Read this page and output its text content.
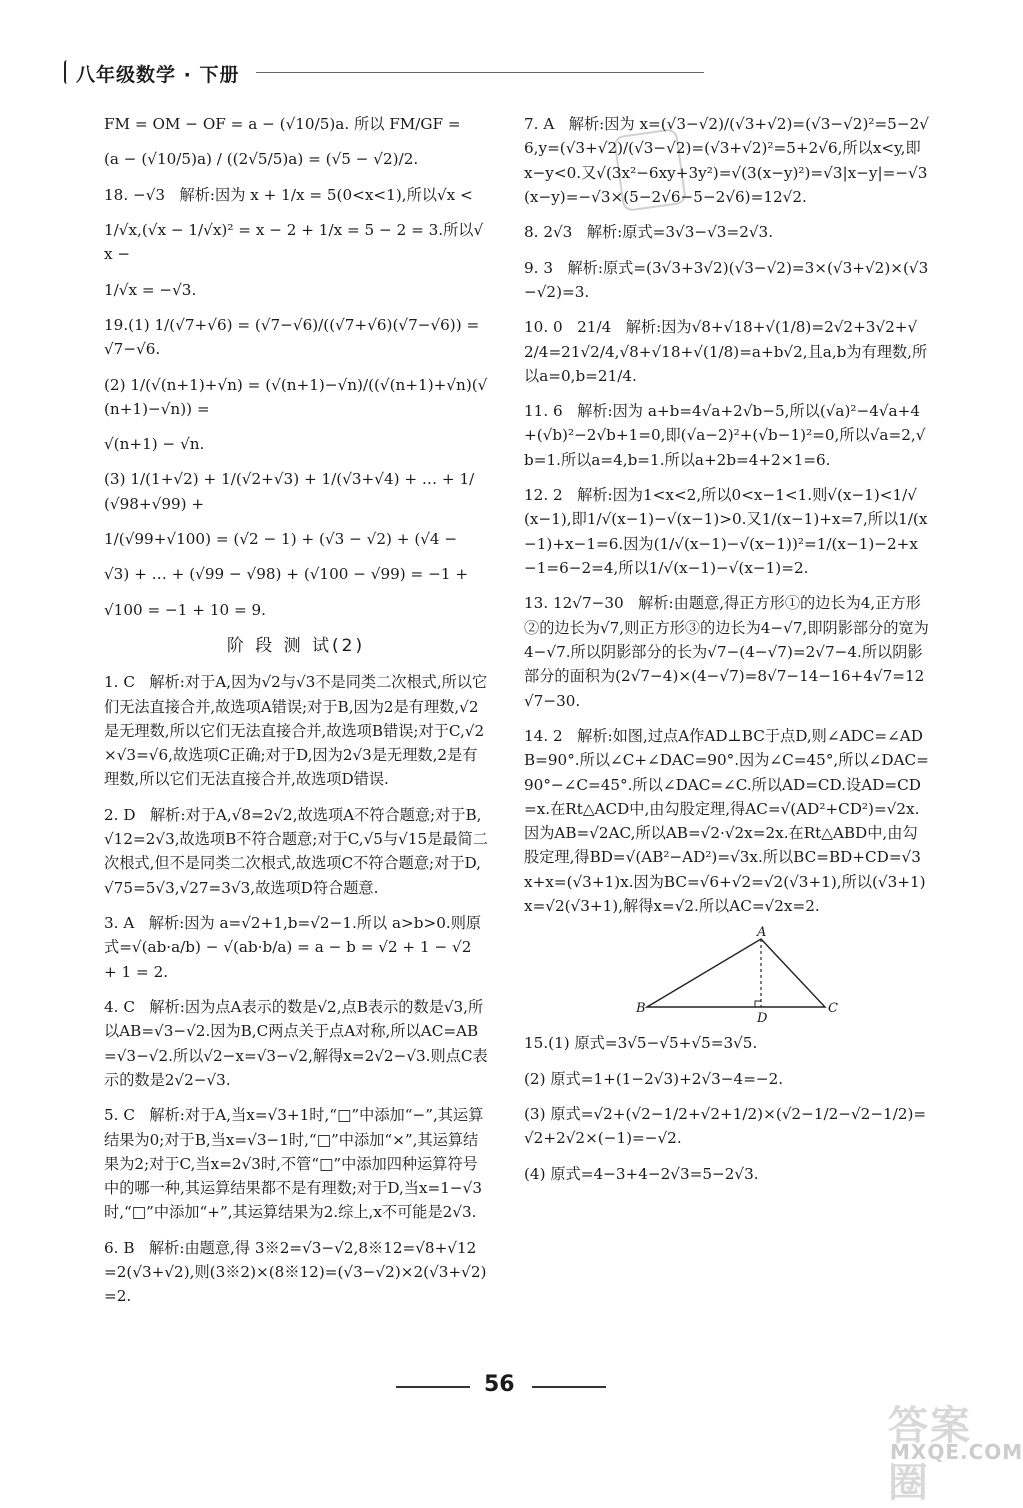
八年级数学 · 下册
FM = OM − OF = a − (√10/5)a. 所以 FM/GF =
(a − (√10/5)a) / ((2√5/5)a) = (√5 − √2)/2.
18. −√3   解析:因为 x + 1/x = 5(0<x<1),所以√x <
1/√x,(√x − 1/√x)² = x − 2 + 1/x = 5 − 2 = 3.所以√x −
1/√x = −√3.
19.(1) 1/(√7+√6) = (√7−√6)/((√7+√6)(√7−√6)) = √7−√6.
(2) 1/(√(n+1)+√n) = (√(n+1)−√n)/((√(n+1)+√n)(√(n+1)−√n)) =
√(n+1) − √n.
(3) 1/(1+√2) + 1/(√2+√3) + 1/(√3+√4) + … + 1/(√98+√99) +
1/(√99+√100) = (√2 − 1) + (√3 − √2) + (√4 −
√3) + … + (√99 − √98) + (√100 − √99) = −1 +
√100 = −1 + 10 = 9.
阶 段 测 试(2)
1. C   解析:对于A,因为√2与√3不是同类二次根式,所以它们无法直接合并,故选项A错误;对于B,因为2是有理数,√2是无理数,所以它们无法直接合并,故选项B错误;对于C,√2×√3=√6,故选项C正确;对于D,因为2√3是无理数,2是有理数,所以它们无法直接合并,故选项D错误.
2. D   解析:对于A,√8=2√2,故选项A不符合题意;对于B,√12=2√3,故选项B不符合题意;对于C,√5与√15是最简二次根式,但不是同类二次根式,故选项C不符合题意;对于D,√75=5√3,√27=3√3,故选项D符合题意.
3. A   解析:因为 a=√2+1,b=√2−1.所以 a>b>0.则原式=√(ab·a/b) − √(ab·b/a) = a − b = √2 + 1 − √2 + 1 = 2.
4. C   解析:因为点A表示的数是√2,点B表示的数是√3,所以AB=√3−√2.因为B,C两点关于点A对称,所以AC=AB=√3−√2.所以√2−x=√3−√2,解得x=2√2−√3.则点C表示的数是2√2−√3.
5. C   解析:对于A,当x=√3+1时,“□”中添加“−”,其运算结果为0;对于B,当x=√3−1时,“□”中添加“×”,其运算结果为2;对于C,当x=2√3时,不管“□”中添加四种运算符号中的哪一种,其运算结果都不是有理数;对于D,当x=1−√3时,“□”中添加“+”,其运算结果为2.综上,x不可能是2√3.
6. B   解析:由题意,得 3※2=√3−√2,8※12=√8+√12=2(√3+√2),则(3※2)×(8※12)=(√3−√2)×2(√3+√2)=2.
7. A   解析:因为 x=(√3−√2)/(√3+√2)=(√3−√2)²=5−2√6,y=(√3+√2)/(√3−√2)=(√3+√2)²=5+2√6,所以x<y,即x−y<0.又√(3x²−6xy+3y²)=√(3(x−y)²)=√3|x−y|=−√3(x−y)=−√3×(5−2√6−5−2√6)=12√2.
8. 2√3   解析:原式=3√3−√3=2√3.
9. 3   解析:原式=(3√3+3√2)(√3−√2)=3×(√3+√2)×(√3−√2)=3.
10. 0   21/4   解析:因为√8+√18+√(1/8)=2√2+3√2+√2/4=21√2/4,√8+√18+√(1/8)=a+b√2,且a,b为有理数,所以a=0,b=21/4.
11. 6   解析:因为 a+b=4√a+2√b−5,所以(√a)²−4√a+4+(√b)²−2√b+1=0,即(√a−2)²+(√b−1)²=0,所以√a=2,√b=1.所以a=4,b=1.所以a+2b=4+2×1=6.
12. 2   解析:因为1<x<2,所以0<x−1<1.则√(x−1)<1/√(x−1),即1/√(x−1)−√(x−1)>0.又1/(x−1)+x=7,所以1/(x−1)+x−1=6.因为(1/√(x−1)−√(x−1))²=1/(x−1)−2+x−1=6−2=4,所以1/√(x−1)−√(x−1)=2.
13. 12√7−30   解析:由题意,得正方形①的边长为4,正方形②的边长为√7,则正方形③的边长为4−√7,即阴影部分的宽为4−√7.所以阴影部分的长为√7−(4−√7)=2√7−4.所以阴影部分的面积为(2√7−4)×(4−√7)=8√7−14−16+4√7=12√7−30.
14. 2   解析:如图,过点A作AD⊥BC于点D,则∠ADC=∠ADB=90°.所以∠C+∠DAC=90°.因为∠C=45°,所以∠DAC=90°−∠C=45°.所以∠DAC=∠C.所以AD=CD.设AD=CD=x.在Rt△ACD中,由勾股定理,得AC=√(AD²+CD²)=√2x.因为AB=√2AC,所以AB=√2·√2x=2x.在Rt△ABD中,由勾股定理,得BD=√(AB²−AD²)=√3x.所以BC=BD+CD=√3x+x=(√3+1)x.因为BC=√6+√2=√2(√3+1),所以(√3+1)x=√2(√3+1),解得x=√2.所以AC=√2x=2.
A
B	C
D
15.(1) 原式=3√5−√5+√5=3√5.
(2) 原式=1+(1−2√3)+2√3−4=−2.
(3) 原式=√2+(√2−1/2+√2+1/2)×(√2−1/2−√2−1/2)=√2+2√2×(−1)=−√2.
(4) 原式=4−3+4−2√3=5−2√3.
56
答案圈
MXQE.COM
